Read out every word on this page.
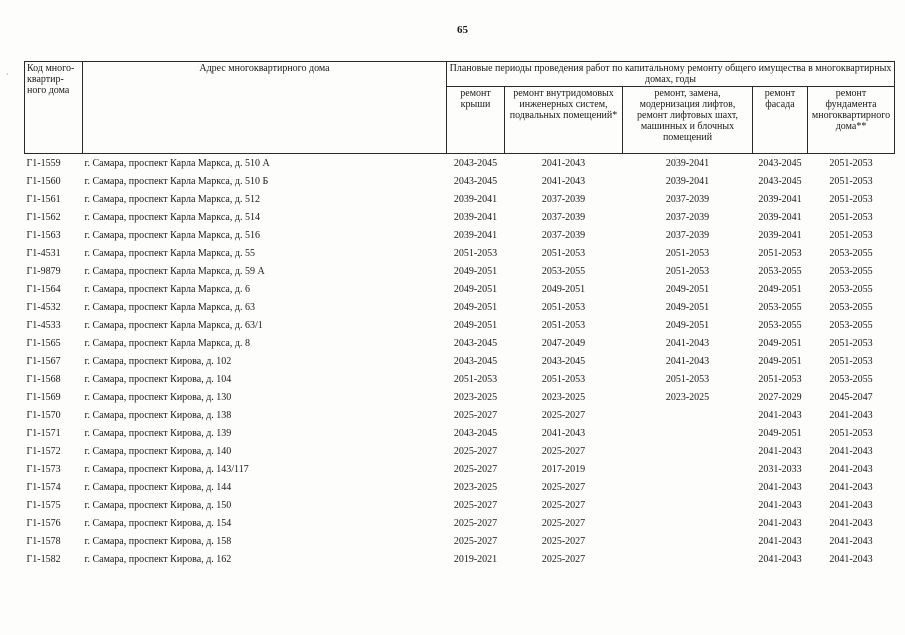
65
Код много-квартир-ного дома	Адрес многоквартирного дома	Плановые периоды проведения работ по капитальному ремонту общего имущества в многоквартирных домах, годы				
		ремонт крыши	ремонт внутридомовых инженерных систем, подвальных помещений*	ремонт, замена, модернизация лифтов, ремонт лифтовых шахт, машинных и блочных помещений	ремонт фасада	ремонт фундамента многоквартирного дома**
Г1-1559	г. Самара, проспект Карла Маркса, д. 510 А	2043-2045	2041-2043	2039-2041	2043-2045	2051-2053
Г1-1560	г. Самара, проспект Карла Маркса, д. 510 Б	2043-2045	2041-2043	2039-2041	2043-2045	2051-2053
Г1-1561	г. Самара, проспект Карла Маркса, д. 512	2039-2041	2037-2039	2037-2039	2039-2041	2051-2053
Г1-1562	г. Самара, проспект Карла Маркса, д. 514	2039-2041	2037-2039	2037-2039	2039-2041	2051-2053
Г1-1563	г. Самара, проспект Карла Маркса, д. 516	2039-2041	2037-2039	2037-2039	2039-2041	2051-2053
Г1-4531	г. Самара, проспект Карла Маркса, д. 55	2051-2053	2051-2053	2051-2053	2051-2053	2053-2055
Г1-9879	г. Самара, проспект Карла Маркса, д. 59 А	2049-2051	2053-2055	2051-2053	2053-2055	2053-2055
Г1-1564	г. Самара, проспект Карла Маркса, д. 6	2049-2051	2049-2051	2049-2051	2049-2051	2053-2055
Г1-4532	г. Самара, проспект Карла Маркса, д. 63	2049-2051	2051-2053	2049-2051	2053-2055	2053-2055
Г1-4533	г. Самара, проспект Карла Маркса, д. 63/1	2049-2051	2051-2053	2049-2051	2053-2055	2053-2055
Г1-1565	г. Самара, проспект Карла Маркса, д. 8	2043-2045	2047-2049	2041-2043	2049-2051	2051-2053
Г1-1567	г. Самара, проспект Кирова, д. 102	2043-2045	2043-2045	2041-2043	2049-2051	2051-2053
Г1-1568	г. Самара, проспект Кирова, д. 104	2051-2053	2051-2053	2051-2053	2051-2053	2053-2055
Г1-1569	г. Самара, проспект Кирова, д. 130	2023-2025	2023-2025	2023-2025	2027-2029	2045-2047
Г1-1570	г. Самара, проспект Кирова, д. 138	2025-2027	2025-2027		2041-2043	2041-2043
Г1-1571	г. Самара, проспект Кирова, д. 139	2043-2045	2041-2043		2049-2051	2051-2053
Г1-1572	г. Самара, проспект Кирова, д. 140	2025-2027	2025-2027		2041-2043	2041-2043
Г1-1573	г. Самара, проспект Кирова, д. 143/117	2025-2027	2017-2019		2031-2033	2041-2043
Г1-1574	г. Самара, проспект Кирова, д. 144	2023-2025	2025-2027		2041-2043	2041-2043
Г1-1575	г. Самара, проспект Кирова, д. 150	2025-2027	2025-2027		2041-2043	2041-2043
Г1-1576	г. Самара, проспект Кирова, д. 154	2025-2027	2025-2027		2041-2043	2041-2043
Г1-1578	г. Самара, проспект Кирова, д. 158	2025-2027	2025-2027		2041-2043	2041-2043
Г1-1582	г. Самара, проспект Кирова, д. 162	2019-2021	2025-2027		2041-2043	2041-2043
·
